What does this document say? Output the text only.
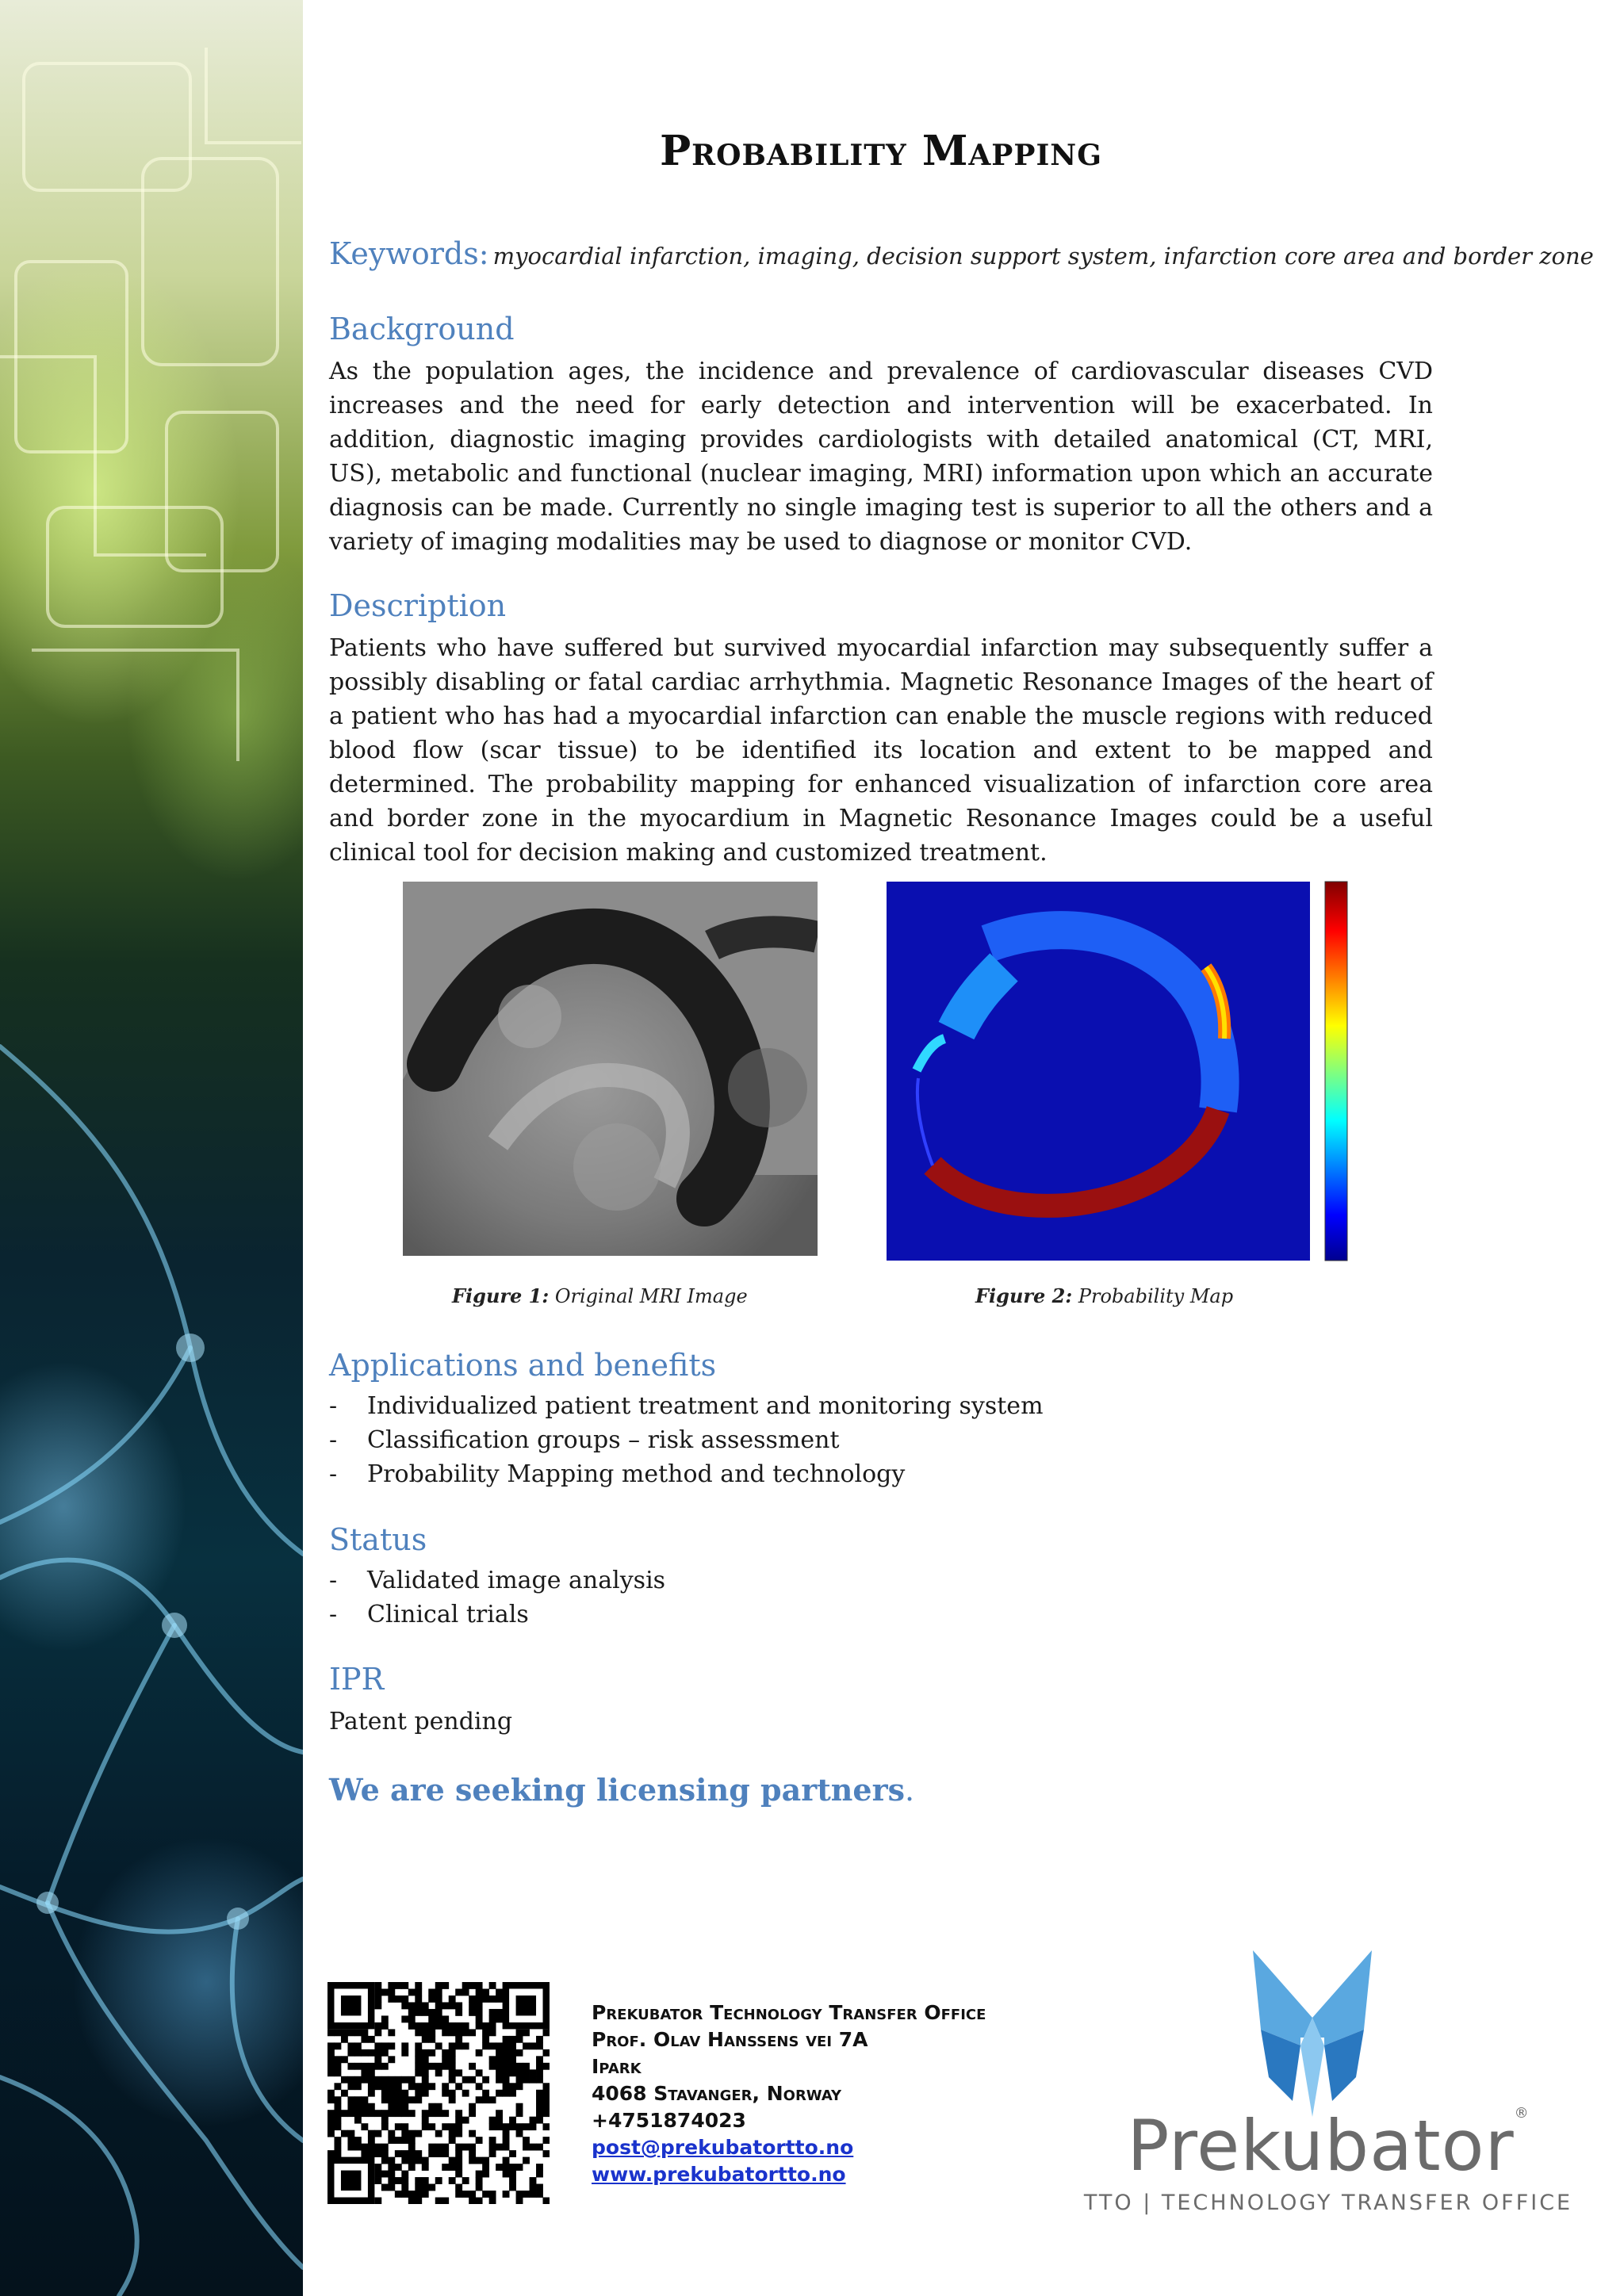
Probability Mapping
Keywords: myocardial infarction, imaging, decision support system, infarction core area and border zone
Background

As the population ages, the incidence and prevalence of cardiovascular diseases CVD increases and the need for early detection and intervention will be exacerbated. In addition, diagnostic imaging provides cardiologists with detailed anatomical (CT, MRI, US), metabolic and functional (nuclear imaging, MRI) information upon which an accurate diagnosis can be made. Currently no single imaging test is superior to all the others and a variety of imaging modalities may be used to diagnose or monitor CVD.

Description

Patients who have suffered but survived myocardial infarction may subsequently suffer a possibly disabling or fatal cardiac arrhythmia. Magnetic Resonance Images of the heart of a patient who has had a myocardial infarction can enable the muscle regions with reduced blood flow (scar tissue) to be identified its location and extent to be mapped and determined. The probability mapping for enhanced visualization of infarction core area and border zone in the myocardium in Magnetic Resonance Images could be a useful clinical tool for decision making and customized treatment.

Applications and benefits
- Individualized patient treatment and monitoring system
- Classification groups – risk assessment
- Probability Mapping method and technology
Status
- Validated image analysis
- Clinical trials
IPR
Patent pending
We are seeking licensing partners.
Figure 1: Original MRI Image	Figure 2: Probability Map
Prekubator Technology Transfer Office
Prof. Olav Hanssens vei 7A
Ipark
4068 Stavanger, Norway
+4751874023
post@prekubatortto.no
www.prekubatortto.no	Prekubator®
TTO | TECHNOLOGY TRANSFER OFFICE
